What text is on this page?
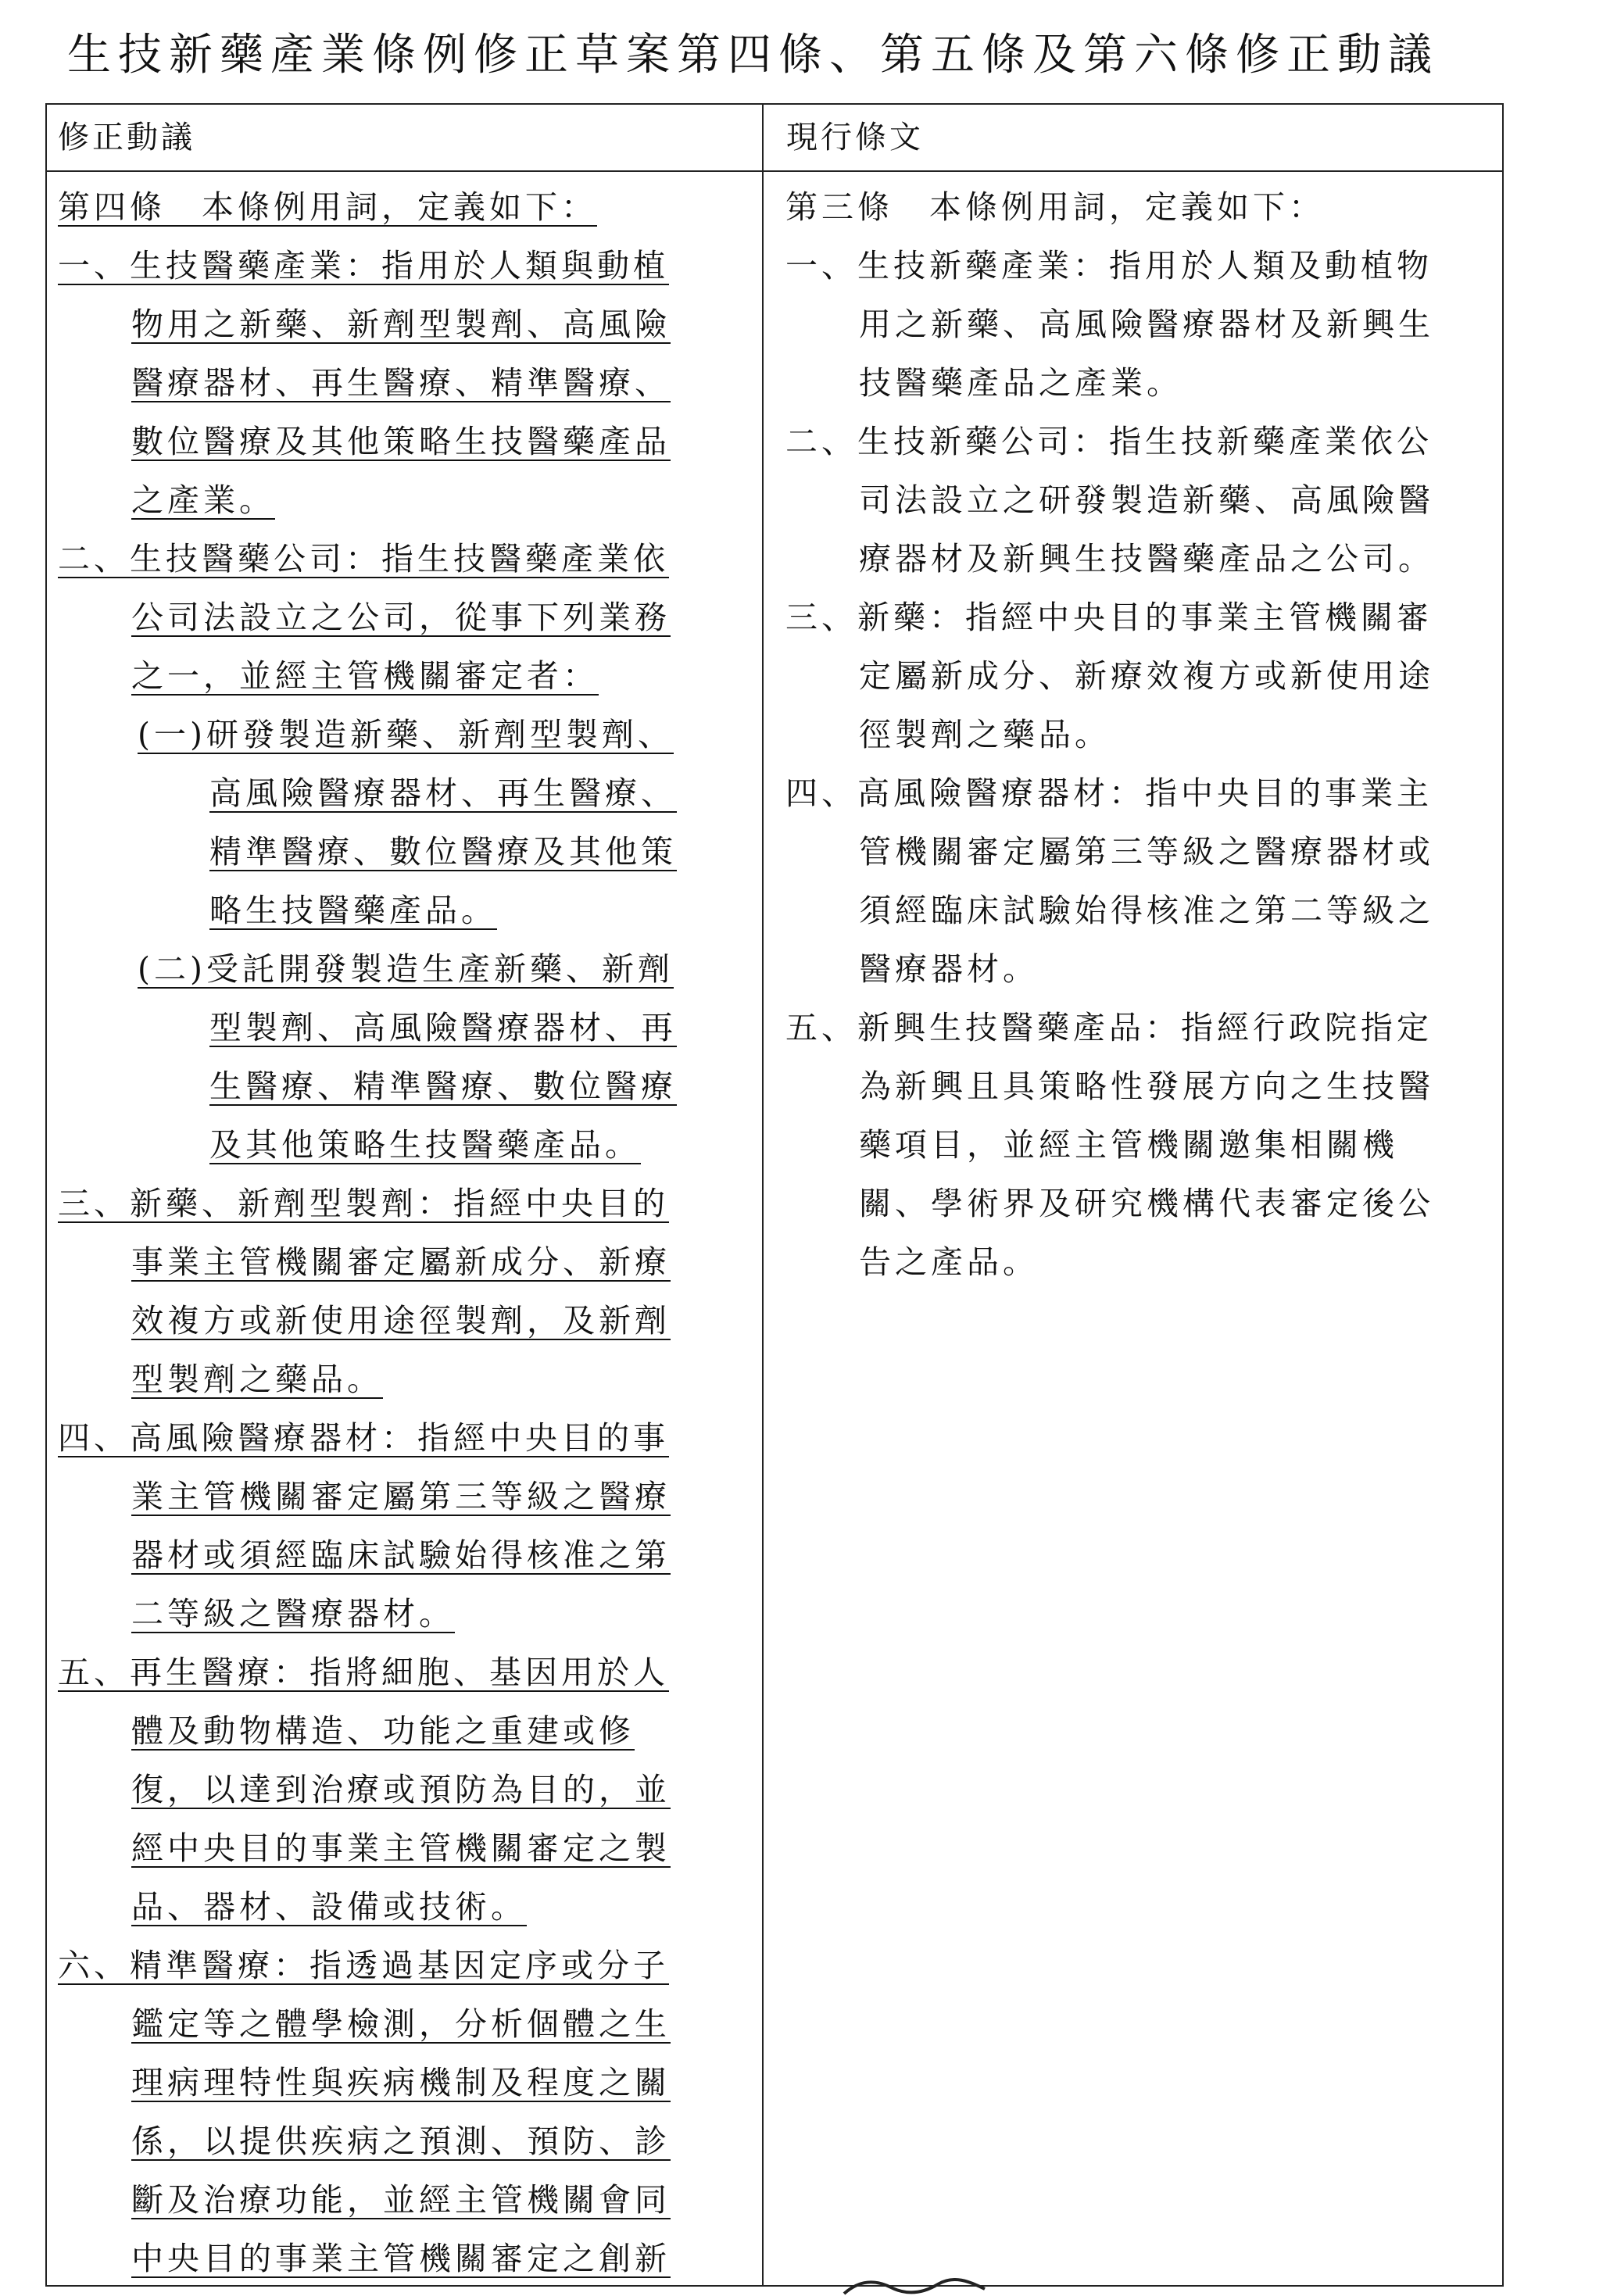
生技新藥產業條例修正草案第四條、第五條及第六條修正動議
修正動議	現行條文
第四條　本條例用詞，定義如下：
一、生技醫藥產業：指用於人類與動植
物用之新藥、新劑型製劑、高風險
醫療器材、再生醫療、精準醫療、
數位醫療及其他策略生技醫藥產品
之產業。
二、生技醫藥公司：指生技醫藥產業依
公司法設立之公司，從事下列業務
之一，並經主管機關審定者：
(一)研發製造新藥、新劑型製劑、
高風險醫療器材、再生醫療、
精準醫療、數位醫療及其他策
略生技醫藥產品。
(二)受託開發製造生產新藥、新劑
型製劑、高風險醫療器材、再
生醫療、精準醫療、數位醫療
及其他策略生技醫藥產品。
三、新藥、新劑型製劑：指經中央目的
事業主管機關審定屬新成分、新療
效複方或新使用途徑製劑，及新劑
型製劑之藥品。
四、高風險醫療器材：指經中央目的事
業主管機關審定屬第三等級之醫療
器材或須經臨床試驗始得核准之第
二等級之醫療器材。
五、再生醫療：指將細胞、基因用於人
體及動物構造、功能之重建或修
復，以達到治療或預防為目的，並
經中央目的事業主管機關審定之製
品、器材、設備或技術。
六、精準醫療：指透過基因定序或分子
鑑定等之體學檢測，分析個體之生
理病理特性與疾病機制及程度之關
係，以提供疾病之預測、預防、診
斷及治療功能，並經主管機關會同
中央目的事業主管機關審定之創新
第三條　本條例用詞，定義如下：
一、生技新藥產業：指用於人類及動植物
用之新藥、高風險醫療器材及新興生
技醫藥產品之產業。
二、生技新藥公司：指生技新藥產業依公
司法設立之研發製造新藥、高風險醫
療器材及新興生技醫藥產品之公司。
三、新藥：指經中央目的事業主管機關審
定屬新成分、新療效複方或新使用途
徑製劑之藥品。
四、高風險醫療器材：指中央目的事業主
管機關審定屬第三等級之醫療器材或
須經臨床試驗始得核准之第二等級之
醫療器材。
五、新興生技醫藥產品：指經行政院指定
為新興且具策略性發展方向之生技醫
藥項目，並經主管機關邀集相關機
關、學術界及研究機構代表審定後公
告之產品。
